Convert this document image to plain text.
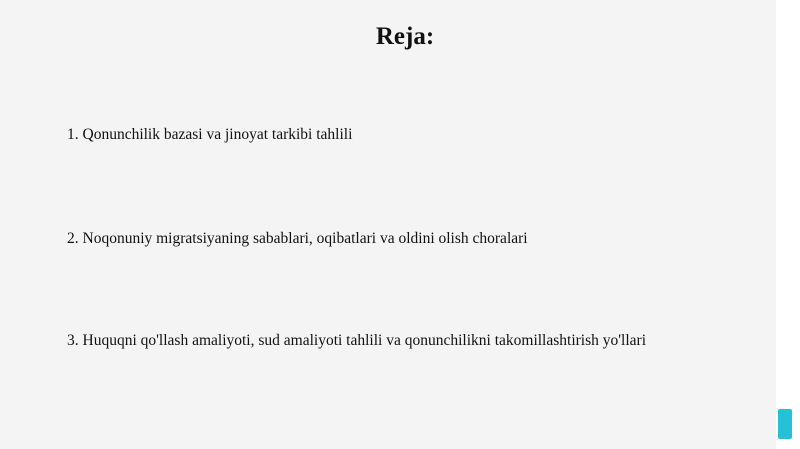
Reja:
1. Qonunchilik bazasi va jinoyat tarkibi tahlili
2. Noqonuniy migratsiyaning sabablari, oqibatlari va oldini olish choralari
3. Huquqni qo'llash amaliyoti, sud amaliyoti tahlili va qonunchilikni takomillashtirish yo'llari
